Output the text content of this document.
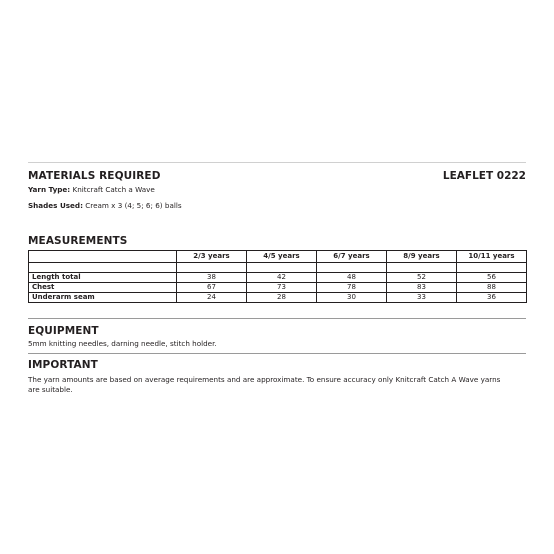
MATERIALS REQUIRED	LEAFLET 0222
Yarn Type: Knitcraft Catch a Wave
Shades Used: Cream x 3 (4; 5; 6; 6) balls
MEASUREMENTS
	2/3 years	4/5 years	6/7 years	8/9 years	10/11 years

Length total	38	42	48	52	56
Chest	67	73	78	83	88
Underarm seam	24	28	30	33	36
EQUIPMENT
5mm knitting needles, darning needle, stitch holder.
IMPORTANT
The yarn amounts are based on average requirements and are approximate. To ensure accuracy only Knitcraft Catch A Wave yarns
are suitable.
